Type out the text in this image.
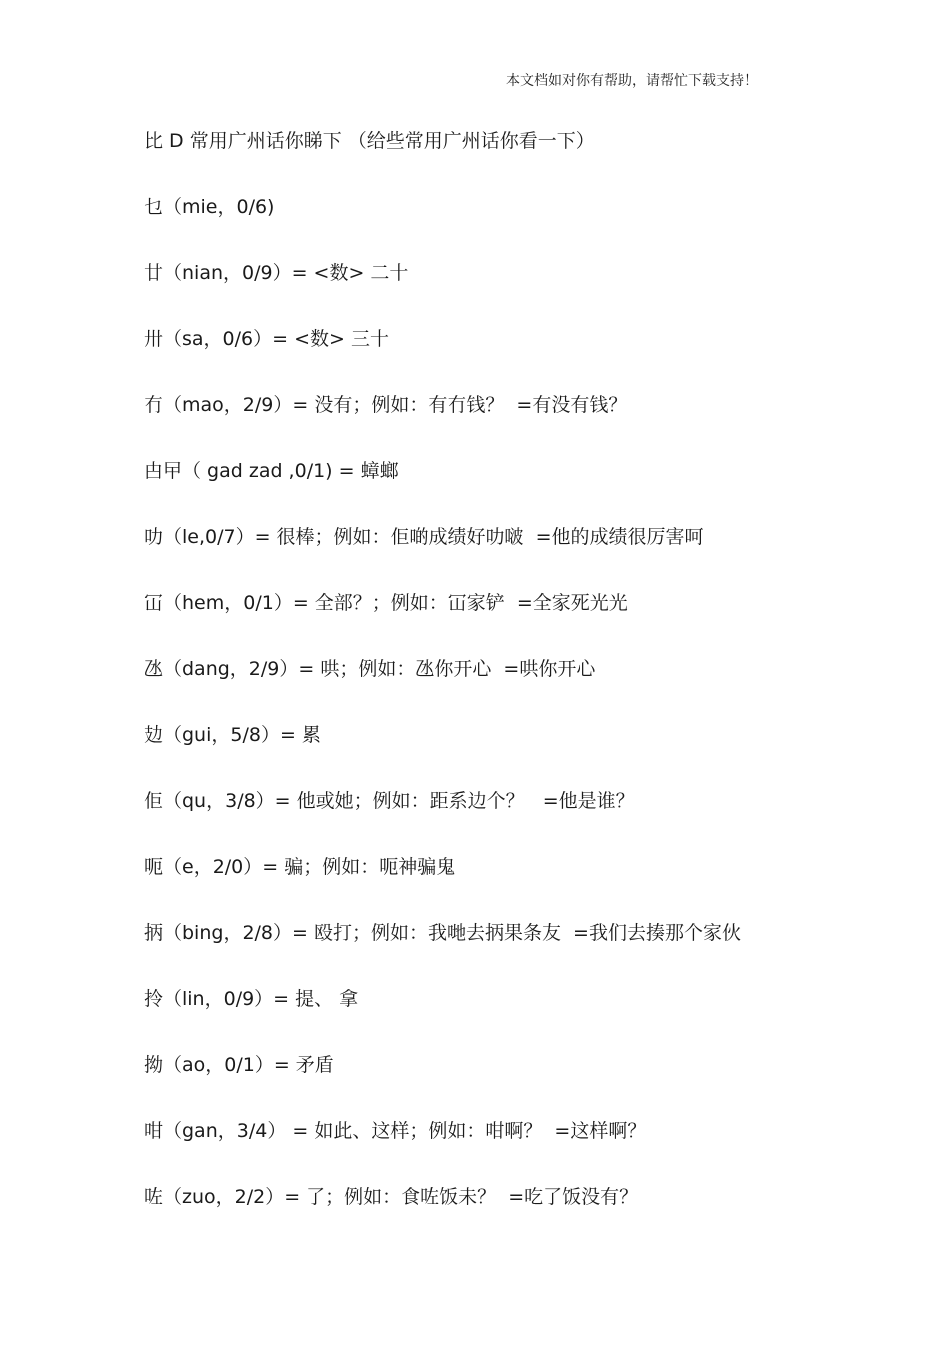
本文档如对你有帮助，请帮忙下载支持！
比 D 常用广州话你睇下 （给些常用广州话你看一下）
乜（mie，0/6)
廿（nian，0/9）= <数> 二十
卅（sa，0/6）= <数> 三十
冇（mao，2/9）= 没有；例如：有冇钱？  =有没有钱？
甴曱（ gad zad ,0/1) = 蟑螂
叻（le,0/7）= 很棒；例如：佢啲成绩好叻啵  =他的成绩很厉害呵
冚（hem，0/1）= 全部？；例如：冚家铲  =全家死光光
氹（dang，2/9）= 哄；例如：氹你开心  =哄你开心
攰（gui，5/8）= 累
佢（qu，3/8）= 他或她；例如：距系边个？   =他是谁？
呃（e，2/0）= 骗；例如：呃神骗鬼
抦（bing，2/8）= 殴打；例如：我哋去抦果条友  =我们去揍那个家伙
拎（lin，0/9）= 提、 拿
拗（ao，0/1）= 矛盾
咁（gan，3/4） = 如此、这样；例如：咁啊？  =这样啊？
咗（zuo，2/2）= 了；例如：食咗饭未？  =吃了饭没有？
